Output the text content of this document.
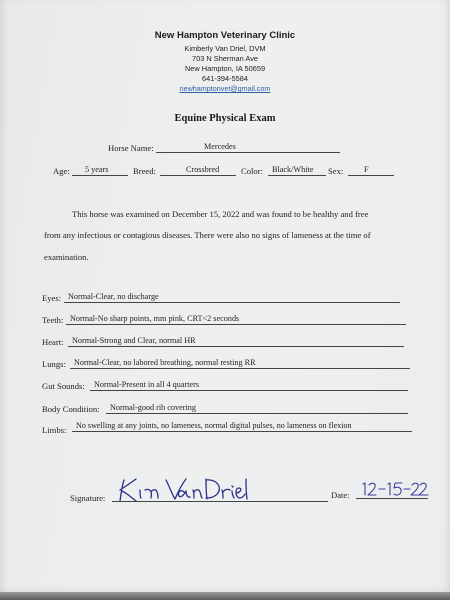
New Hampton Veterinary Clinic
Kimberly Van Driel, DVM
703 N Sherman Ave
New Hampton, IA 50659
641-394-5584
newhamptonvet@gmail.com
Equine Physical Exam
Horse Name:	Mercedes
Age: 5 years	Breed:	Crossbred	Color: Black/White Sex:	F
This horse was examined on December 15, 2022 and was found to be healthy and free
from any infectious or contagious diseases. There were also no signs of lameness at the time of
examination.
Eyes: Normal-Clear, no discharge
Teeth: Normal-No sharp points, mm pink, CRT<2 seconds
Heart: Normal-Strong and Clear, normal HR
Lungs: Normal-Clear, no labored breathing, normal resting RR
Gut Sounds: Normal-Present in all 4 quarters
Body Condition: Normal-good rib covering
Limbs: No swelling at any joints, no lameness, normal digital pulses, no lameness on flexion
Signature:	Date:
